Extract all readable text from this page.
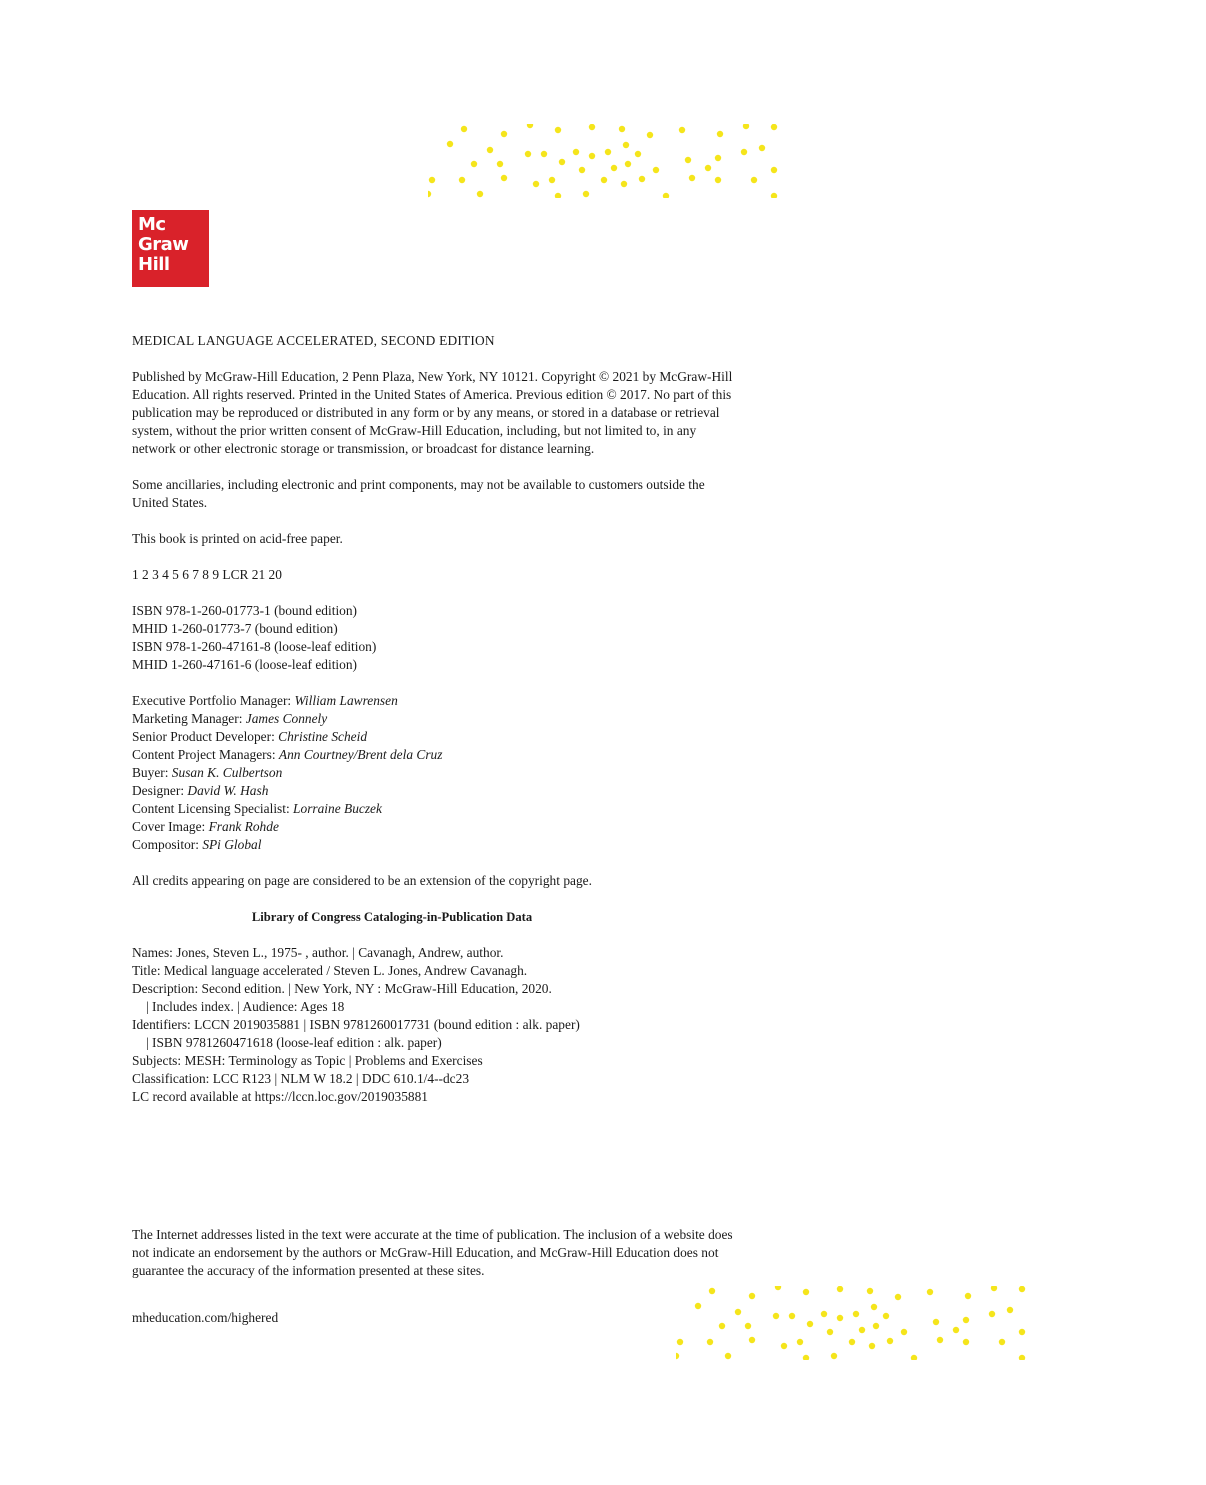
Mc
Graw
Hill

MEDICAL LANGUAGE ACCELERATED, SECOND EDITION

Published by McGraw-Hill Education, 2 Penn Plaza, New York, NY 10121. Copyright © 2021 by McGraw-Hill
Education. All rights reserved. Printed in the United States of America. Previous edition © 2017. No part of this
publication may be reproduced or distributed in any form or by any means, or stored in a database or retrieval
system, without the prior written consent of McGraw-Hill Education, including, but not limited to, in any
network or other electronic storage or transmission, or broadcast for distance learning.
Some ancillaries, including electronic and print components, may not be available to customers outside the
United States.

This book is printed on acid-free paper.

1 2 3 4 5 6 7 8 9 LCR 21 20

ISBN 978-1-260-01773-1 (bound edition)
MHID 1-260-01773-7 (bound edition)
ISBN 978-1-260-47161-8 (loose-leaf edition)
MHID 1-260-47161-6 (loose-leaf edition)
Executive Portfolio Manager: William Lawrensen
Marketing Manager: James Connely
Senior Product Developer: Christine Scheid
Content Project Managers: Ann Courtney/Brent dela Cruz
Buyer: Susan K. Culbertson
Designer: David W. Hash
Content Licensing Specialist: Lorraine Buczek
Cover Image: Frank Rohde
Compositor: SPi Global

All credits appearing on page are considered to be an extension of the copyright page.

Library of Congress Cataloging-in-Publication Data

Names: Jones, Steven L., 1975- , author. | Cavanagh, Andrew, author.
Title: Medical language accelerated / Steven L. Jones, Andrew Cavanagh.
Description: Second edition. | New York, NY : McGraw-Hill Education, 2020.
| Includes index. | Audience: Ages 18
Identifiers: LCCN 2019035881 | ISBN 9781260017731 (bound edition : alk. paper)
| ISBN 9781260471618 (loose-leaf edition : alk. paper)
Subjects: MESH: Terminology as Topic | Problems and Exercises
Classification: LCC R123 | NLM W 18.2 | DDC 610.1/4--dc23
LC record available at https://lccn.loc.gov/2019035881
The Internet addresses listed in the text were accurate at the time of publication. The inclusion of a website does
not indicate an endorsement by the authors or McGraw-Hill Education, and McGraw-Hill Education does not
guarantee the accuracy of the information presented at these sites.
mheducation.com/highered
